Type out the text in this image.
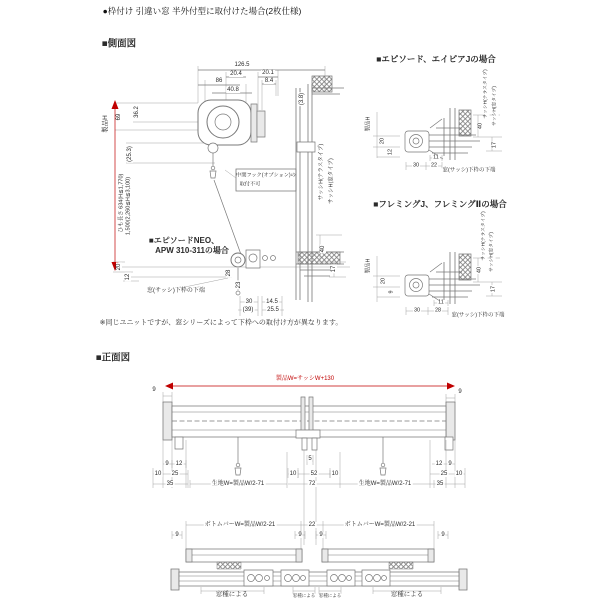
●枠付け 引違い窓 半外付型に取付けた場合(2枚仕様)
■側面図
126.5
20.4
86
40.8
20.1
8.4
(3.8)
69 36.2
(25.3)
製品H
ひも長さ 634(H≦1,770) 1,500(2,260≦H≦3,100)
中間フック(オプション)の
取付不可
■エピソードNEO、
APW 310-311の場合
窓(サッシ)下枠の下端
20
12
28
23
30
(39)
14.5
25.5
40
17
サッシH(テラスタイプ) サッシH(窓タイプ)
※同じユニットですが、窓シリーズによって下枠への取付け方が異なります。
■エピソード、エイピアJの場合
製品H
20
12
30 22
11
窓(サッシ)下枠の下端
40
17
サッシH(テラスタイプ) サッシH(窓タイプ)
■フレミングJ、フレミングⅡの場合
製品H
20
9
30	28
11
窓(サッシ)下枠の下端
40
17
サッシH(テラスタイプ) サッシH(窓タイプ)
■正面図
製品W=サッシW+130
9	9
9 12
5
12 9
10 25	10 52 10	25 10
35	生地W=製品W/2-71	72	生地W=製品W/2-71	35
ボトムバーW=製品W/2-21	22	ボトムバーW=製品W/2-21
9	9	9	9
窓種による	窓種による 窓種による	窓種による
